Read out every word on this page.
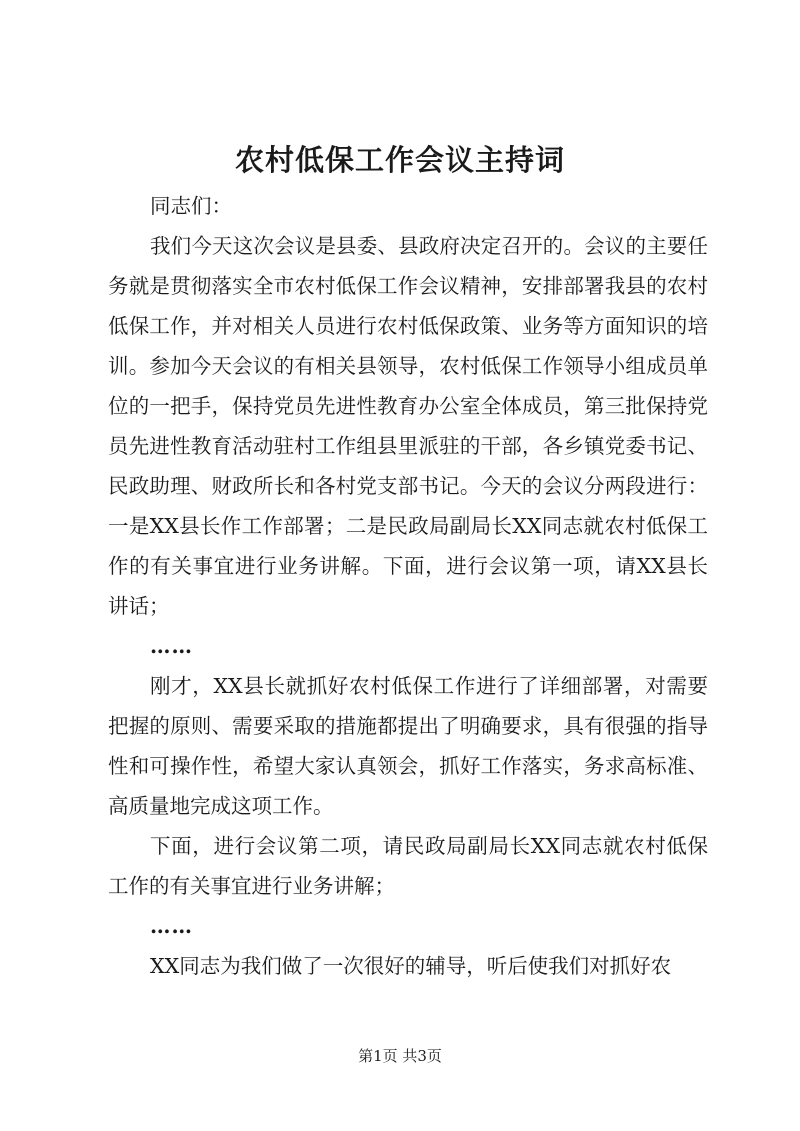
农村低保工作会议主持词

同志们：

我们今天这次会议是县委、县政府决定召开的。会议的主要任务就是贯彻落实全市农村低保工作会议精神，安排部署我县的农村低保工作，并对相关人员进行农村低保政策、业务等方面知识的培训。参加今天会议的有相关县领导，农村低保工作领导小组成员单位的一把手，保持党员先进性教育办公室全体成员，第三批保持党员先进性教育活动驻村工作组县里派驻的干部，各乡镇党委书记、民政助理、财政所长和各村党支部书记。今天的会议分两段进行：一是XX县长作工作部署；二是民政局副局长XX同志就农村低保工作的有关事宜进行业务讲解。下面，进行会议第一项，请XX县长讲话；

……

刚才，XX县长就抓好农村低保工作进行了详细部署，对需要把握的原则、需要采取的措施都提出了明确要求，具有很强的指导性和可操作性，希望大家认真领会，抓好工作落实，务求高标准、高质量地完成这项工作。

下面，进行会议第二项，请民政局副局长XX同志就农村低保工作的有关事宜进行业务讲解；

……

XX同志为我们做了一次很好的辅导，听后使我们对抓好农

第1页 共3页
